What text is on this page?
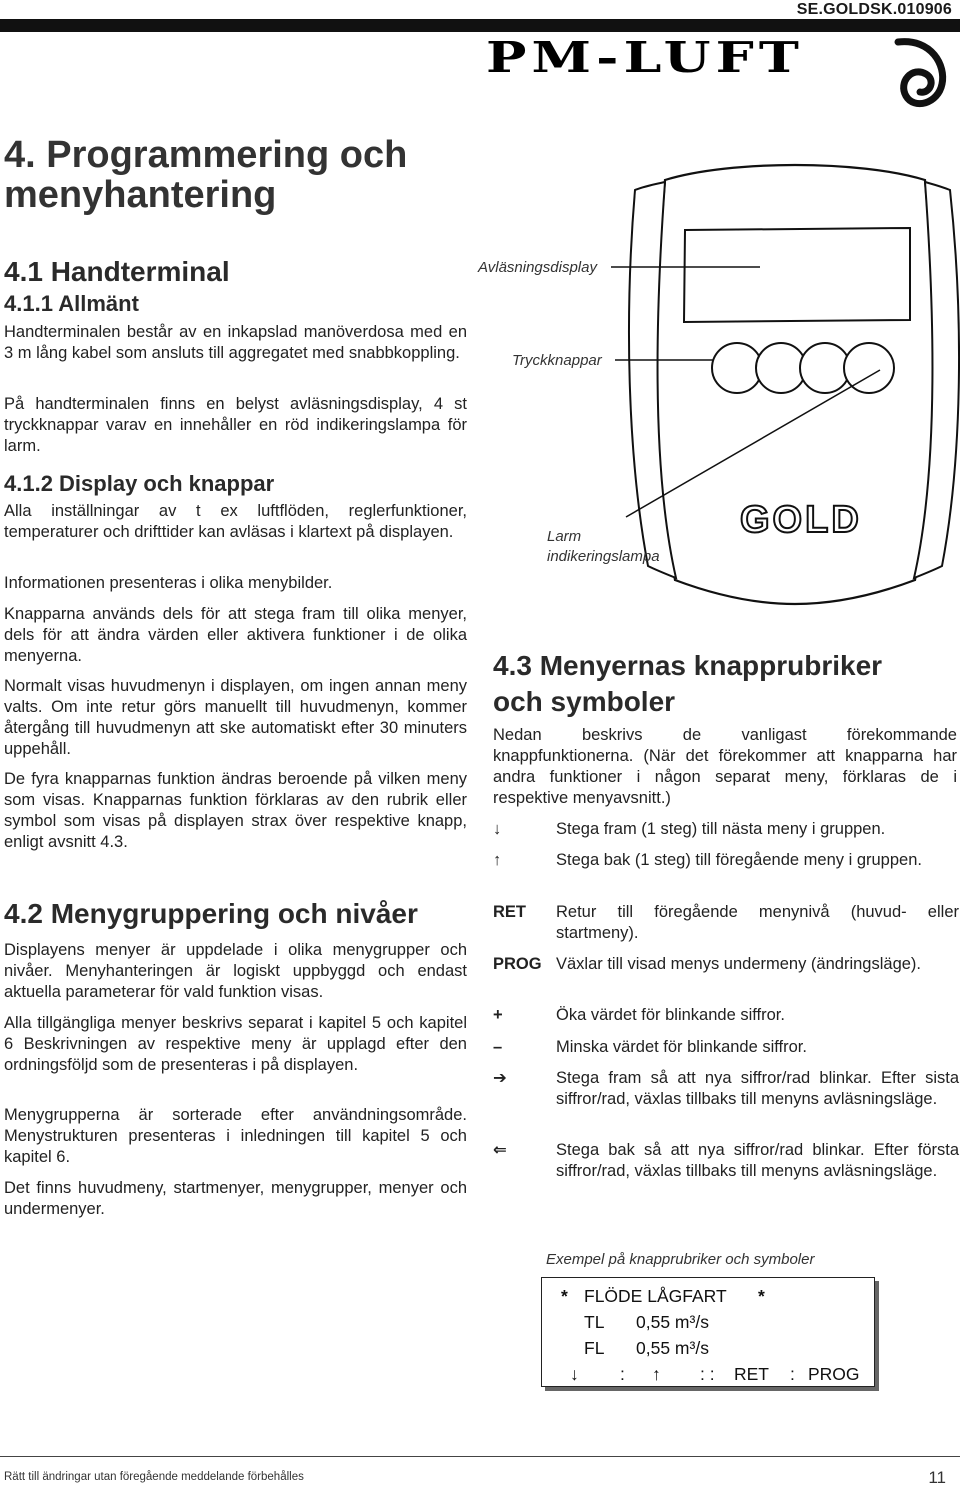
SE.GOLDSK.010906
PM-LUFT
4. Programmering och
menyhantering
4.1 Handterminal
4.1.1 Allmänt
Handterminalen består av en inkapslad manöverdosa med en 3 m lång kabel som ansluts till aggregatet med snabbkoppling.
På handterminalen finns en belyst avläsningsdisplay, 4 st tryckknappar varav en innehåller en röd indikeringslampa för larm.
4.1.2 Display och knappar
Alla inställningar av t ex luftflöden, reglerfunktioner, temperaturer och drifttider kan avläsas i klartext på displayen.
Informationen presenteras i olika menybilder.
Knapparna används dels för att stega fram till olika menyer, dels för att ändra värden eller aktivera funktioner i de olika menyerna.
Normalt visas huvudmenyn i displayen, om ingen annan meny valts. Om inte retur görs manuellt till huvudmenyn, kommer återgång till huvudmenyn att ske automatiskt efter 30 minuters uppehåll.
De fyra knapparnas funktion ändras beroende på vilken meny som visas. Knapparnas funktion förklaras av den rubrik eller symbol som visas på displayen strax över respektive knapp, enligt avsnitt 4.3.
4.2 Menygruppering och nivåer
Displayens menyer är uppdelade i olika menygrupper och nivåer. Menyhanteringen är logiskt uppbyggd och endast aktuella parameterar för vald funktion visas.
Alla tillgängliga menyer beskrivs separat i kapitel 5 och kapitel 6 Beskrivningen av respektive meny är upplagd efter den ordningsföljd som de presenteras i på displayen.
Menygrupperna är sorterade efter användningsområde. Menystrukturen presenteras i inledningen till kapitel 5 och kapitel 6.
Det finns huvudmeny, startmenyer, menygrupper, menyer och undermenyer.
GOLD
Avläsningsdisplay
Tryckknappar
Larm
indikeringslampa
4.3 Menyernas knapprubriker
och symboler
Nedan beskrivs de vanligast förekommande knappfunktionerna. (När det förekommer att knapparna har andra funktioner i någon separat meny, förklaras de i respektive menyavsnitt.)
↓	Stega fram (1 steg) till nästa meny i gruppen.
↑	Stega bak (1 steg) till föregående meny i gruppen.
RET	Retur till föregående menynivå (huvud- eller startmeny).
PROG Växlar till visad menys undermeny (ändringsläge).
+	Öka värdet för blinkande siffror.
–	Minska värdet för blinkande siffror.
➔	Stega fram så att nya siffror/rad blinkar. Efter sista siffror/rad, växlas tillbaks till menyns avläsningsläge.
⇐	Stega bak så att nya siffror/rad blinkar. Efter första siffror/rad, växlas tillbaks till menyns avläsningsläge.
Exempel på knapprubriker och symboler
* FLÖDE LÅGFART *
TL 0,55 m³/s
FL 0,55 m³/s
↓ : ↑ : : RET : PROG
Rätt till ändringar utan föregående meddelande förbehålles	11
